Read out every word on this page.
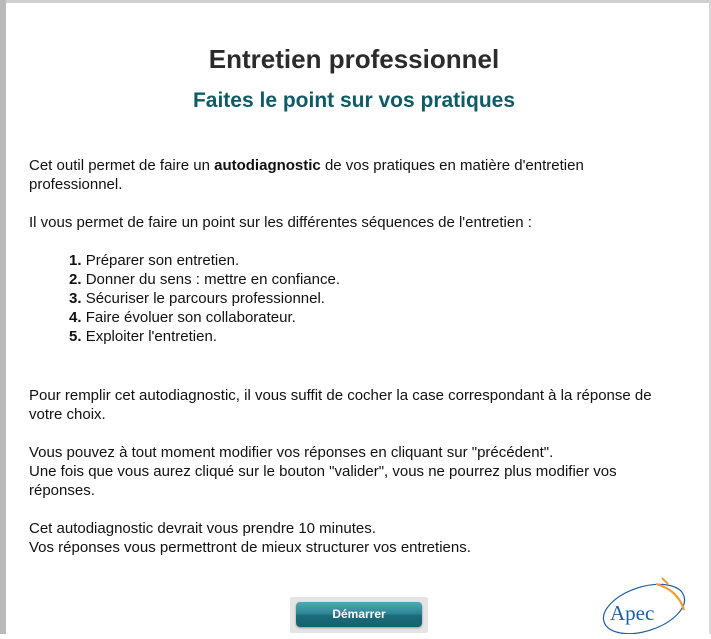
Entretien professionnel
Faites le point sur vos pratiques

Cet outil permet de faire un autodiagnostic de vos pratiques en matière d'entretien professionnel.

Il vous permet de faire un point sur les différentes séquences de l'entretien :

1. Préparer son entretien.
2. Donner du sens : mettre en confiance.
3. Sécuriser le parcours professionnel.
4. Faire évoluer son collaborateur.
5. Exploiter l'entretien.

Pour remplir cet autodiagnostic, il vous suffit de cocher la case correspondant à la réponse de votre choix.

Vous pouvez à tout moment modifier vos réponses en cliquant sur "précédent".

Une fois que vous aurez cliqué sur le bouton "valider", vous ne pourrez plus modifier vos réponses.

Cet autodiagnostic devrait vous prendre 10 minutes.

Vos réponses vous permettront de mieux structurer vos entretiens.

Démarrer	Apec
